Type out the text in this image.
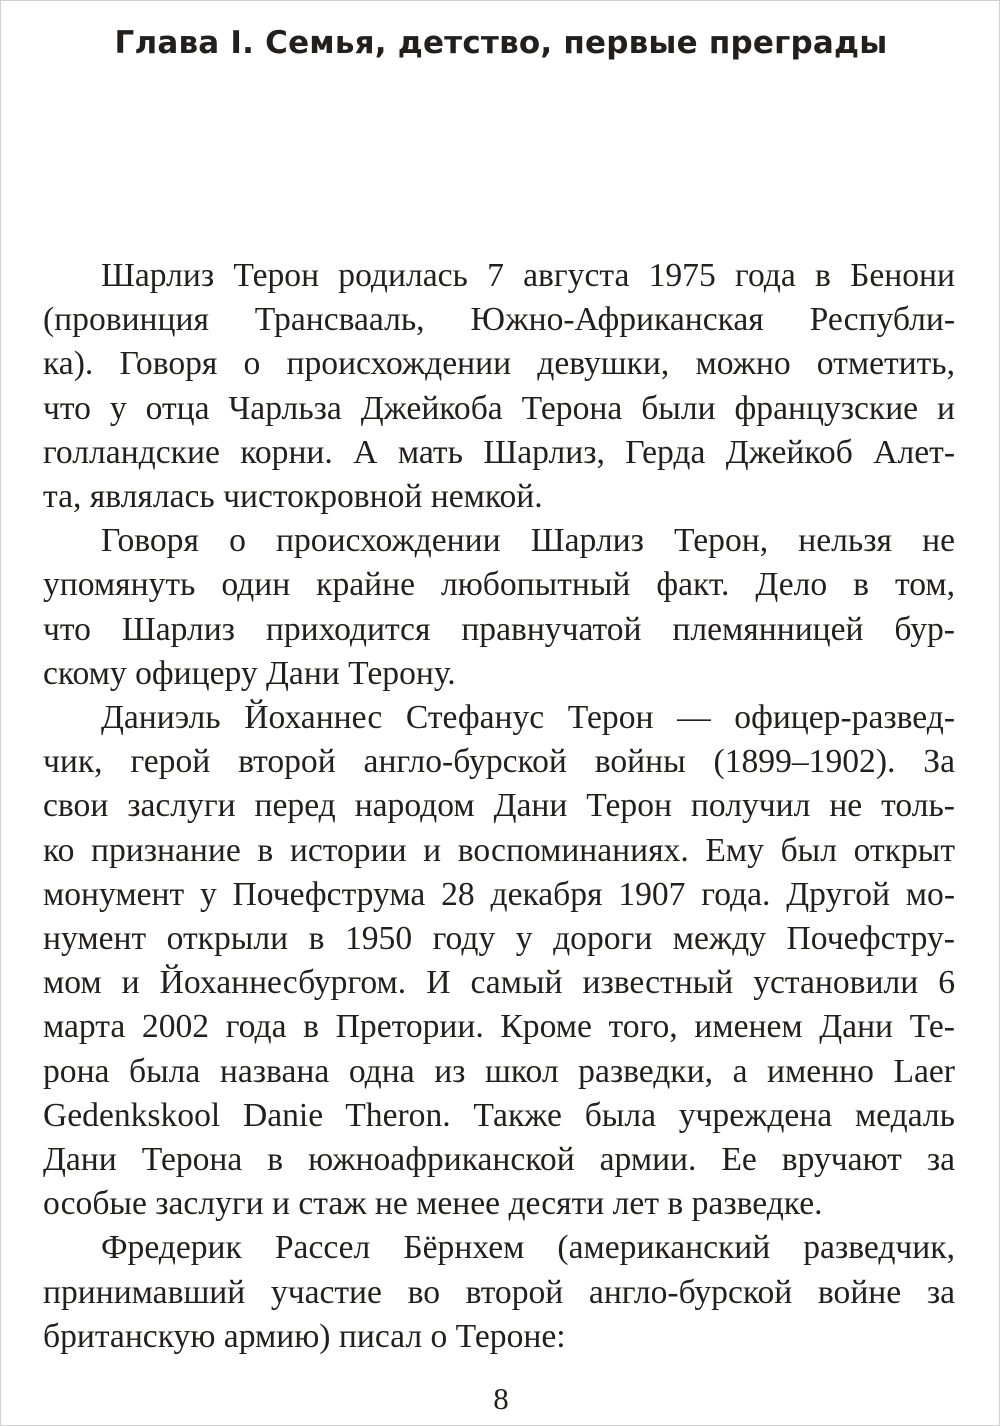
Глава I. Семья, детство, первые преграды
Шарлиз Терон родилась 7 августа 1975 года в Бенони
(провинция Трансвааль, Южно-Африканская Республи-
ка). Говоря о происхождении девушки, можно отметить,
что у отца Чарльза Джейкоба Терона были французские и
голландские корни. А мать Шарлиз, Герда Джейкоб Алет-
та, являлась чистокровной немкой.
Говоря о происхождении Шарлиз Терон, нельзя не
упомянуть один крайне любопытный факт. Дело в том,
что Шарлиз приходится правнучатой племянницей бур-
скому офицеру Дани Терону.
Даниэль Йоханнес Стефанус Терон — офицер-развед-
чик, герой второй англо-бурской войны (1899–1902). За
свои заслуги перед народом Дани Терон получил не толь-
ко признание в истории и воспоминаниях. Ему был открыт
монумент у Почефструма 28 декабря 1907 года. Другой мо-
нумент открыли в 1950 году у дороги между Почефстру-
мом и Йоханнесбургом. И самый известный установили 6
марта 2002 года в Претории. Кроме того, именем Дани Те-
рона была названа одна из школ разведки, а именно Laer
Gedenkskool Danie Theron. Также была учреждена медаль
Дани Терона в южноафриканской армии. Ее вручают за
особые заслуги и стаж не менее десяти лет в разведке.
Фредерик Рассел Бёрнхем (американский разведчик,
принимавший участие во второй англо-бурской войне за
британскую армию) писал о Тероне:
8
